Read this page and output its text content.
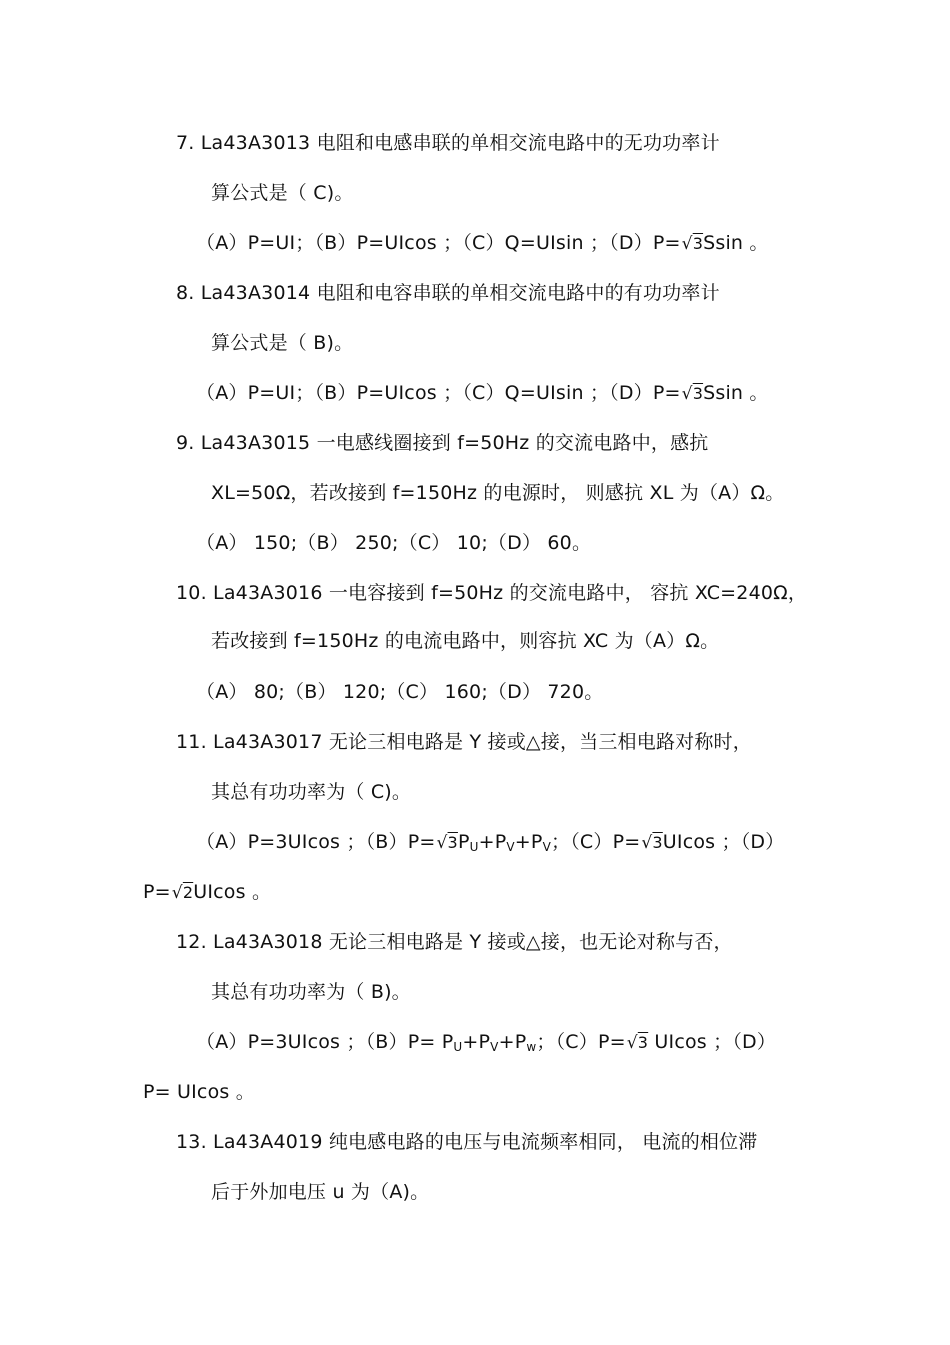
7. La43A3013 电阻和电感串联的单相交流电路中的无功功率计
算公式是（ C)。
（A）P=UI；（B）P=UIcos ；（C）Q=UIsin ；（D）P=√3Ssin 。
8. La43A3014 电阻和电容串联的单相交流电路中的有功功率计
算公式是（ B)。
（A）P=UI；（B）P=UIcos ；（C）Q=UIsin ；（D）P=√3Ssin 。
9. La43A3015 一电感线圈接到 f=50Hz 的交流电路中，感抗
XL=50Ω，若改接到 f=150Hz 的电源时， 则感抗 XL 为（A）Ω。
（A） 150;（B） 250;（C） 10;（D） 60。
10. La43A3016 一电容接到 f=50Hz 的交流电路中， 容抗 XC=240Ω，
若改接到 f=150Hz 的电流电路中，则容抗 XC 为（A）Ω。
（A） 80;（B） 120;（C） 160;（D） 720。
11. La43A3017 无论三相电路是 Y 接或△接，当三相电路对称时，
其总有功功率为（ C)。
（A）P=3UIcos ；$(B)P=√3P_U+P_V+P_V$；（C）P=√3UIcos ；（D）
P=√2UIcos 。
12. La43A3018 无论三相电路是 Y 接或△接，也无论对称与否，
其总有功功率为（ B)。
（A）P=3UIcos ；$(B)P= P_U+P_V+P_w$；（C）P=√3 UIcos ；（D）
P= UIcos 。
13. La43A4019 纯电感电路的电压与电流频率相同， 电流的相位滞
后于外加电压 u 为（A)。
